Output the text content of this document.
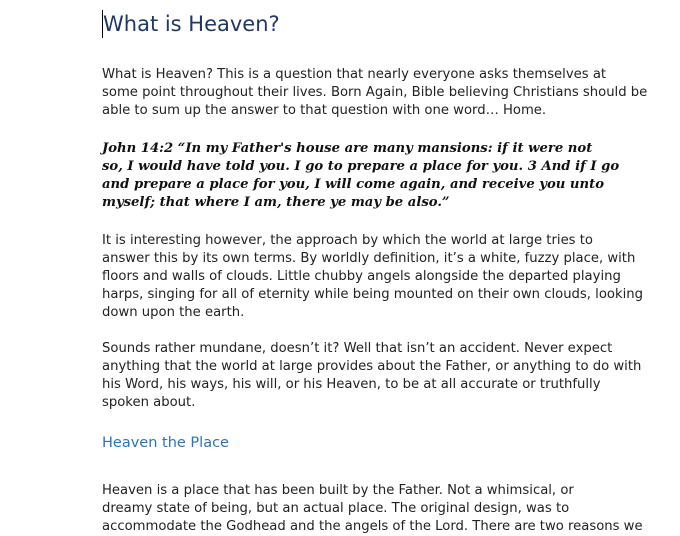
What is Heaven?

What is Heaven? This is a question that nearly everyone asks themselves at
some point throughout their lives. Born Again, Bible believing Christians should be
able to sum up the answer to that question with one word… Home.

John 14:2 “In my Father's house are many mansions: if it were not
so, I would have told you. I go to prepare a place for you. 3 And if I go
and prepare a place for you, I will come again, and receive you unto
myself; that where I am, there ye may be also.”

It is interesting however, the approach by which the world at large tries to
answer this by its own terms. By worldly definition, it’s a white, fuzzy place, with
floors and walls of clouds. Little chubby angels alongside the departed playing
harps, singing for all of eternity while being mounted on their own clouds, looking
down upon the earth.

Sounds rather mundane, doesn’t it? Well that isn’t an accident. Never expect
anything that the world at large provides about the Father, or anything to do with
his Word, his ways, his will, or his Heaven, to be at all accurate or truthfully
spoken about.

Heaven the Place

Heaven is a place that has been built by the Father. Not a whimsical, or
dreamy state of being, but an actual place. The original design, was to
accommodate the Godhead and the angels of the Lord. There are two reasons we
